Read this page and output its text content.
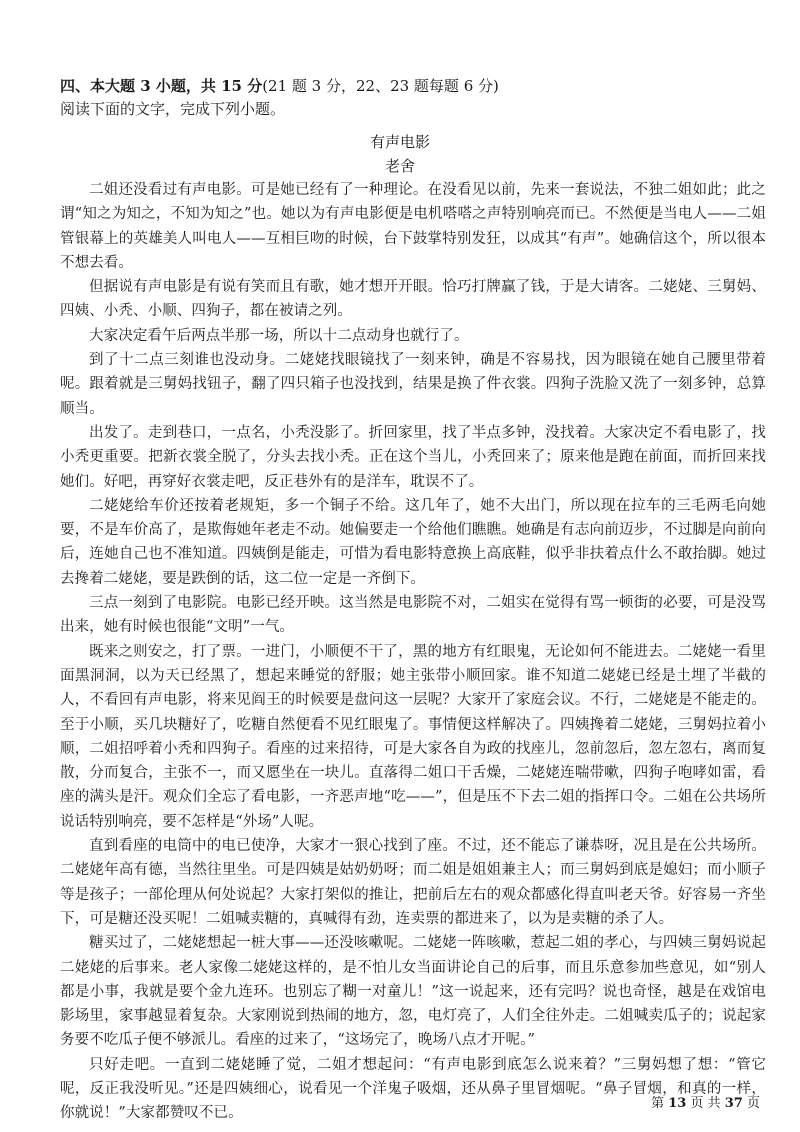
四、本大题 3 小题，共 15 分(21 题 3 分，22、23 题每题 6 分)
阅读下面的文字，完成下列小题。
有声电影
老舍

二姐还没看过有声电影。可是她已经有了一种理论。在没看见以前，先来一套说法，不独二姐如此；此之谓“知之为知之，不知为知之”也。她以为有声电影便是电机嗒嗒之声特别响亮而已。不然便是当电人——二姐管银幕上的英雄美人叫电人——互相巨吻的时候，台下鼓掌特别发狂，以成其“有声”。她确信这个，所以很本不想去看。

但据说有声电影是有说有笑而且有歌，她才想开开眼。恰巧打牌赢了钱，于是大请客。二姥姥、三舅妈、四姨、小秃、小顺、四狗子，都在被请之列。

大家决定看午后两点半那一场，所以十二点动身也就行了。

到了十二点三刻谁也没动身。二姥姥找眼镜找了一刻来钟，确是不容易找，因为眼镜在她自己腰里带着呢。跟着就是三舅妈找钮子，翻了四只箱子也没找到，结果是换了件衣裳。四狗子洗脸又洗了一刻多钟，总算顺当。

出发了。走到巷口，一点名，小秃没影了。折回家里，找了半点多钟，没找着。大家决定不看电影了，找小秃更重要。把新衣裳全脱了，分头去找小秃。正在这个当儿，小秃回来了；原来他是跑在前面，而折回来找她们。好吧，再穿好衣裳走吧，反正巷外有的是洋车，耽误不了。

二姥姥给车价还按着老规矩，多一个铜子不给。这几年了，她不大出门，所以现在拉车的三毛两毛向她要，不是车价高了，是欺侮她年老走不动。她偏要走一个给他们瞧瞧。她确是有志向前迈步，不过脚是向前向后，连她自己也不准知道。四姨倒是能走，可惜为看电影特意换上高底鞋，似乎非扶着点什么不敢抬脚。她过去搀着二姥姥，要是跌倒的话，这二位一定是一齐倒下。

三点一刻到了电影院。电影已经开映。这当然是电影院不对，二姐实在觉得有骂一顿街的必要，可是没骂出来，她有时候也很能“文明”一气。

既来之则安之，打了票。一进门，小顺便不干了，黑的地方有红眼鬼，无论如何不能进去。二姥姥一看里面黑洞洞，以为天已经黑了，想起来睡觉的舒服；她主张带小顺回家。谁不知道二姥姥已经是土埋了半截的人，不看回有声电影，将来见阎王的时候要是盘问这一层呢？大家开了家庭会议。不行，二姥姥是不能走的。至于小顺，买几块糖好了，吃糖自然便看不见红眼鬼了。事情便这样解决了。四姨搀着二姥姥，三舅妈拉着小顺，二姐招呼着小秃和四狗子。看座的过来招待，可是大家各自为政的找座儿，忽前忽后，忽左忽右，离而复散，分而复合，主张不一，而又愿坐在一块儿。直落得二姐口干舌燥，二姥姥连喘带嗽，四狗子咆哮如雷，看座的满头是汗。观众们全忘了看电影，一齐恶声地“吃——”，但是压不下去二姐的指挥口令。二姐在公共场所说话特别响亮，要不怎样是“外场”人呢。

直到看座的电筒中的电已使净，大家才一狠心找到了座。不过，还不能忘了谦恭呀，况且是在公共场所。二姥姥年高有德，当然往里坐。可是四姨是姑奶奶呀；而二姐是姐姐兼主人；而三舅妈到底是媳妇；而小顺子等是孩子；一部伦理从何处说起？大家打架似的推让，把前后左右的观众都感化得直叫老天爷。好容易一齐坐下，可是糖还没买呢！二姐喊卖糖的，真喊得有劲，连卖票的都进来了，以为是卖糖的杀了人。

糖买过了，二姥姥想起一桩大事——还没咳嗽呢。二姥姥一阵咳嗽，惹起二姐的孝心，与四姨三舅妈说起二姥姥的后事来。老人家像二姥姥这样的，是不怕儿女当面讲论自己的后事，而且乐意参加些意见，如“别人都是小事，我就是要个金九连环。也别忘了糊一对童儿！”这一说起来，还有完吗？说也奇怪，越是在戏馆电影场里，家事越显着复杂。大家刚说到热闹的地方，忽，电灯亮了，人们全往外走。二姐喊卖瓜子的；说起家务要不吃瓜子便不够派儿。看座的过来了，“这场完了，晚场八点才开呢。”

只好走吧。一直到二姥姥睡了觉，二姐才想起问：“有声电影到底怎么说来着？”三舅妈想了想：“管它呢，反正我没听见。”还是四姨细心，说看见一个洋鬼子吸烟，还从鼻子里冒烟呢。“鼻子冒烟，和真的一样，你就说！”大家都赞叹不已。

第 13 页 共 37 页
